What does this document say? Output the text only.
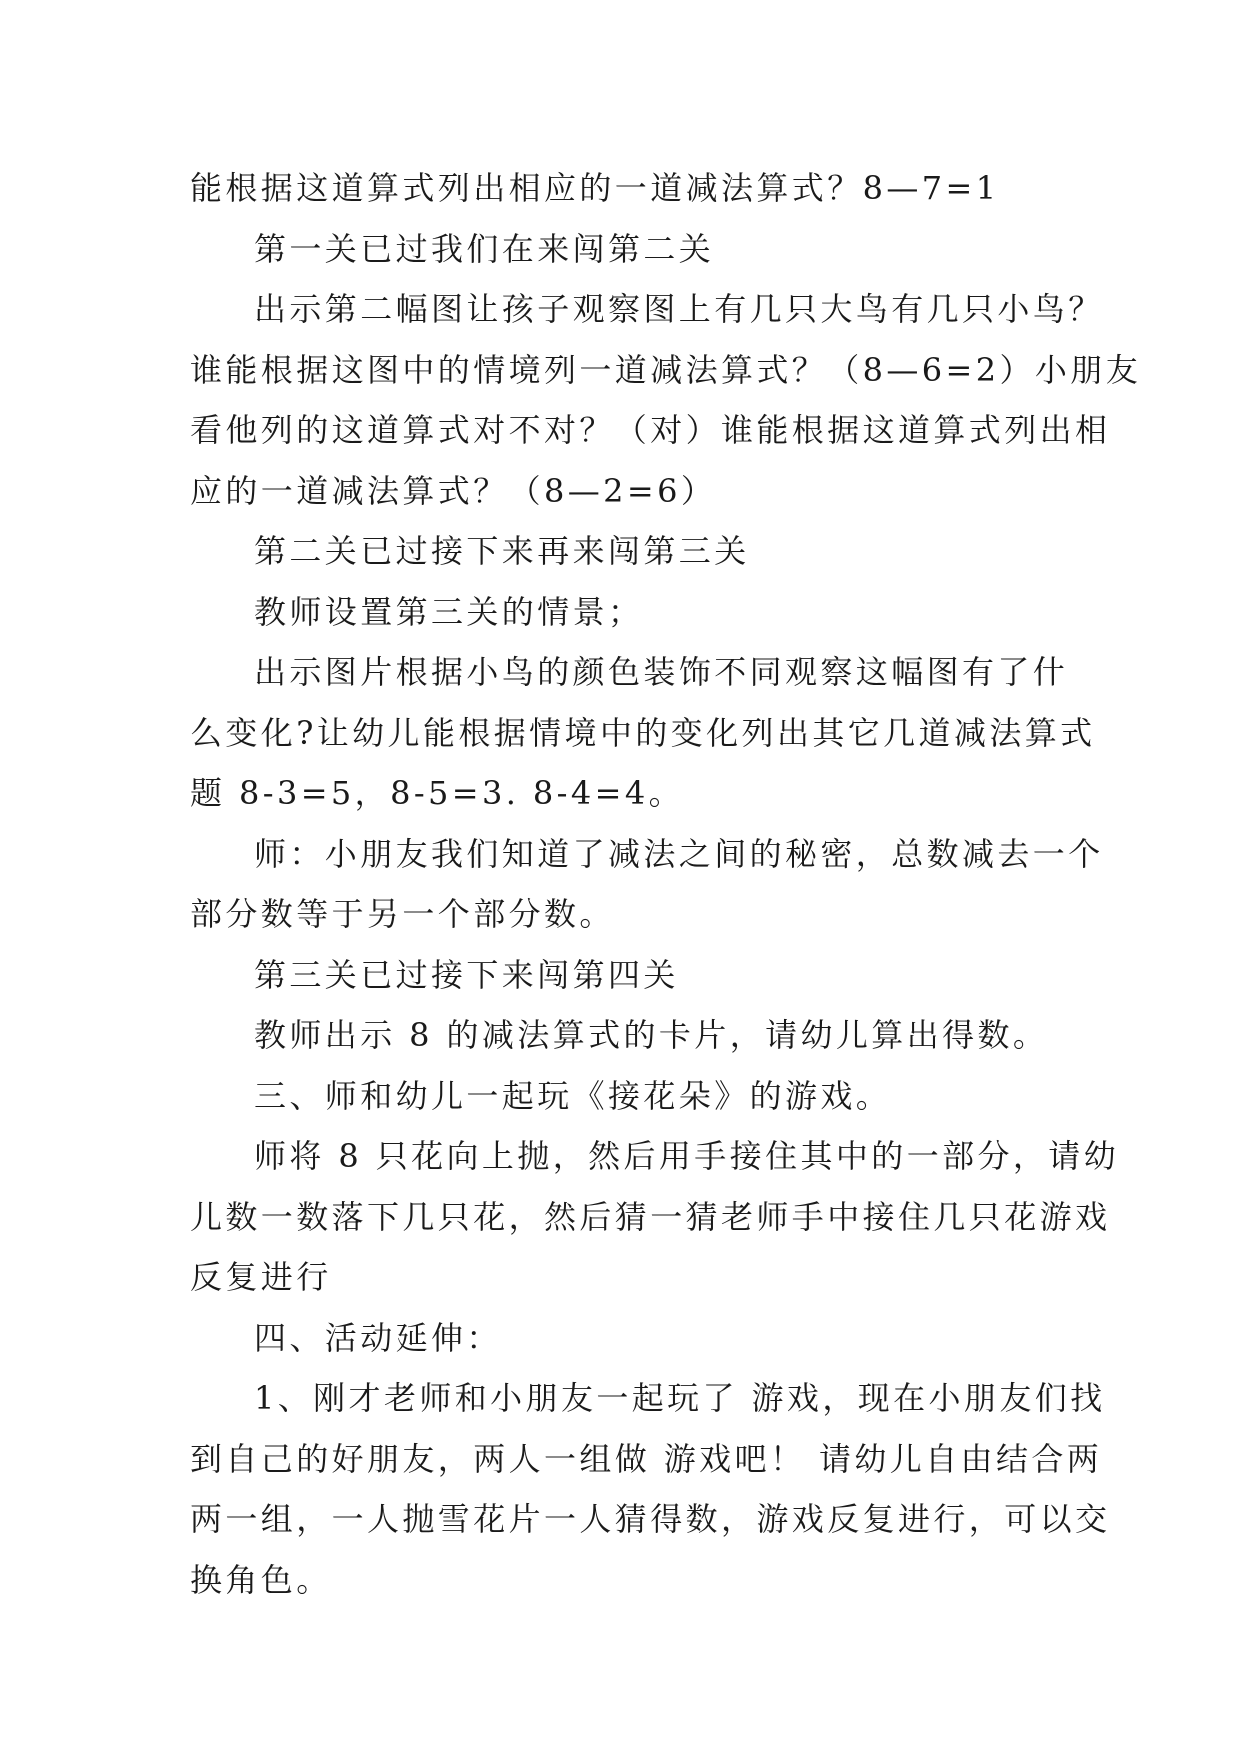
能根据这道算式列出相应的一道减法算式？8—7=1

第一关已过我们在来闯第二关

出示第二幅图让孩子观察图上有几只大鸟有几只小鸟？
谁能根据这图中的情境列一道减法算式？（8—6=2）小朋友
看他列的这道算式对不对？（对）谁能根据这道算式列出相
应的一道减法算式？（8—2=6）

第二关已过接下来再来闯第三关

教师设置第三关的情景；

出示图片根据小鸟的颜色装饰不同观察这幅图有了什
么变化?让幼儿能根据情境中的变化列出其它几道减法算式
题 8-3=5，8-5=3. 8-4=4。

师：小朋友我们知道了减法之间的秘密，总数减去一个
部分数等于另一个部分数。

第三关已过接下来闯第四关

教师出示 8 的减法算式的卡片，请幼儿算出得数。

三、师和幼儿一起玩《接花朵》的游戏。

师将 8 只花向上抛，然后用手接住其中的一部分，请幼
儿数一数落下几只花，然后猜一猜老师手中接住几只花游戏
反复进行

四、活动延伸：

1、刚才老师和小朋友一起玩了 游戏，现在小朋友们找
到自己的好朋友，两人一组做 游戏吧！ 请幼儿自由结合两
两一组，一人抛雪花片一人猜得数，游戏反复进行，可以交
换角色。
